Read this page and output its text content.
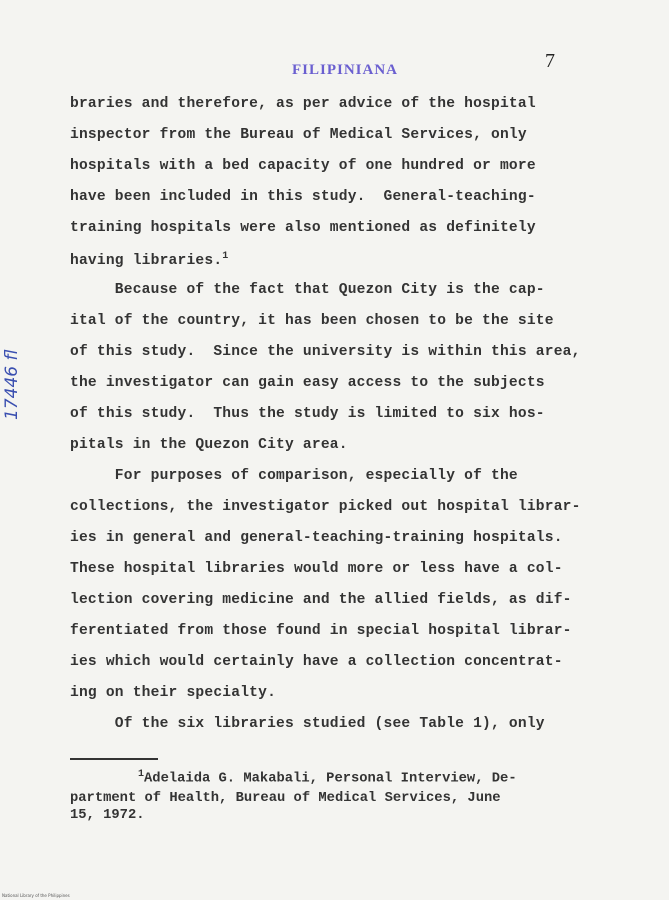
7
FILIPINIANA
17446 fl
braries and therefore, as per advice of the hospital
inspector from the Bureau of Medical Services, only
hospitals with a bed capacity of one hundred or more
have been included in this study.  General-teaching-
training hospitals were also mentioned as definitely
having libraries.$^1$
Because of the fact that Quezon City is the cap-
ital of the country, it has been chosen to be the site
of this study.  Since the university is within this area,
the investigator can gain easy access to the subjects
of this study.  Thus the study is limited to six hos-
pitals in the Quezon City area.
For purposes of comparison, especially of the
collections, the investigator picked out hospital librar-
ies in general and general-teaching-training hospitals.
These hospital libraries would more or less have a col-
lection covering medicine and the allied fields, as dif-
ferentiated from those found in special hospital librar-
ies which would certainly have a collection concentrat-
ing on their specialty.
Of the six libraries studied (see Table 1), only
$^1$Adelaida G. Makabali, Personal Interview, De-
partment of Health, Bureau of Medical Services, June
15, 1972.
National Library of the Philippines
